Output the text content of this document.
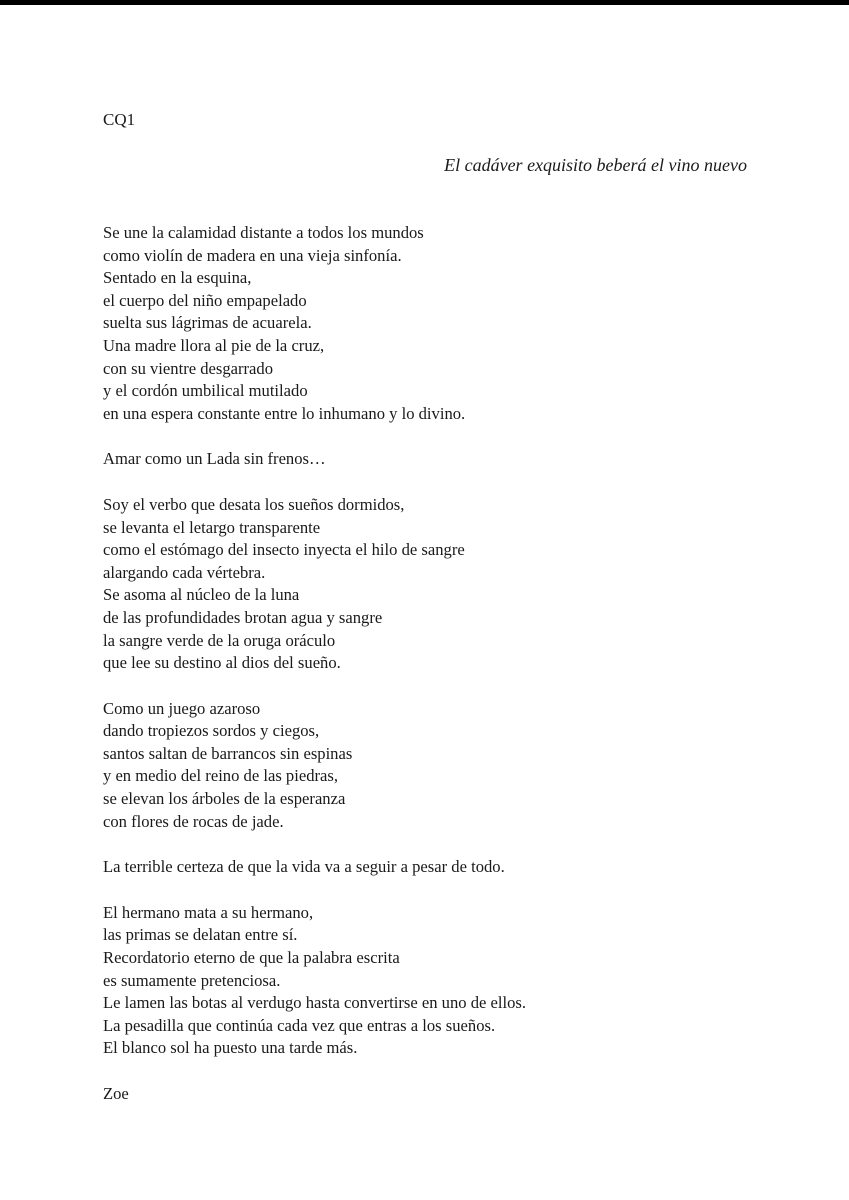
CQ1

El cadáver exquisito beberá el vino nuevo

Se une la calamidad distante a todos los mundos
como violín de madera en una vieja sinfonía.
Sentado en la esquina,
el cuerpo del niño empapelado
suelta sus lágrimas de acuarela.
Una madre llora al pie de la cruz,
con su vientre desgarrado
y el cordón umbilical mutilado
en una espera constante entre lo inhumano y lo divino.
Amar como un Lada sin frenos…
Soy el verbo que desata los sueños dormidos,
se levanta el letargo transparente
como el estómago del insecto inyecta el hilo de sangre
alargando cada vértebra.
Se asoma al núcleo de la luna
de las profundidades brotan agua y sangre
la sangre verde de la oruga oráculo
que lee su destino al dios del sueño.
Como un juego azaroso
dando tropiezos sordos y ciegos,
santos saltan de barrancos sin espinas
y en medio del reino de las piedras,
se elevan los árboles de la esperanza
con flores de rocas de jade.
La terrible certeza de que la vida va a seguir a pesar de todo.
El hermano mata a su hermano,
las primas se delatan entre sí.
Recordatorio eterno de que la palabra escrita
es sumamente pretenciosa.
Le lamen las botas al verdugo hasta convertirse en uno de ellos.
La pesadilla que continúa cada vez que entras a los sueños.
El blanco sol ha puesto una tarde más.

Zoe
